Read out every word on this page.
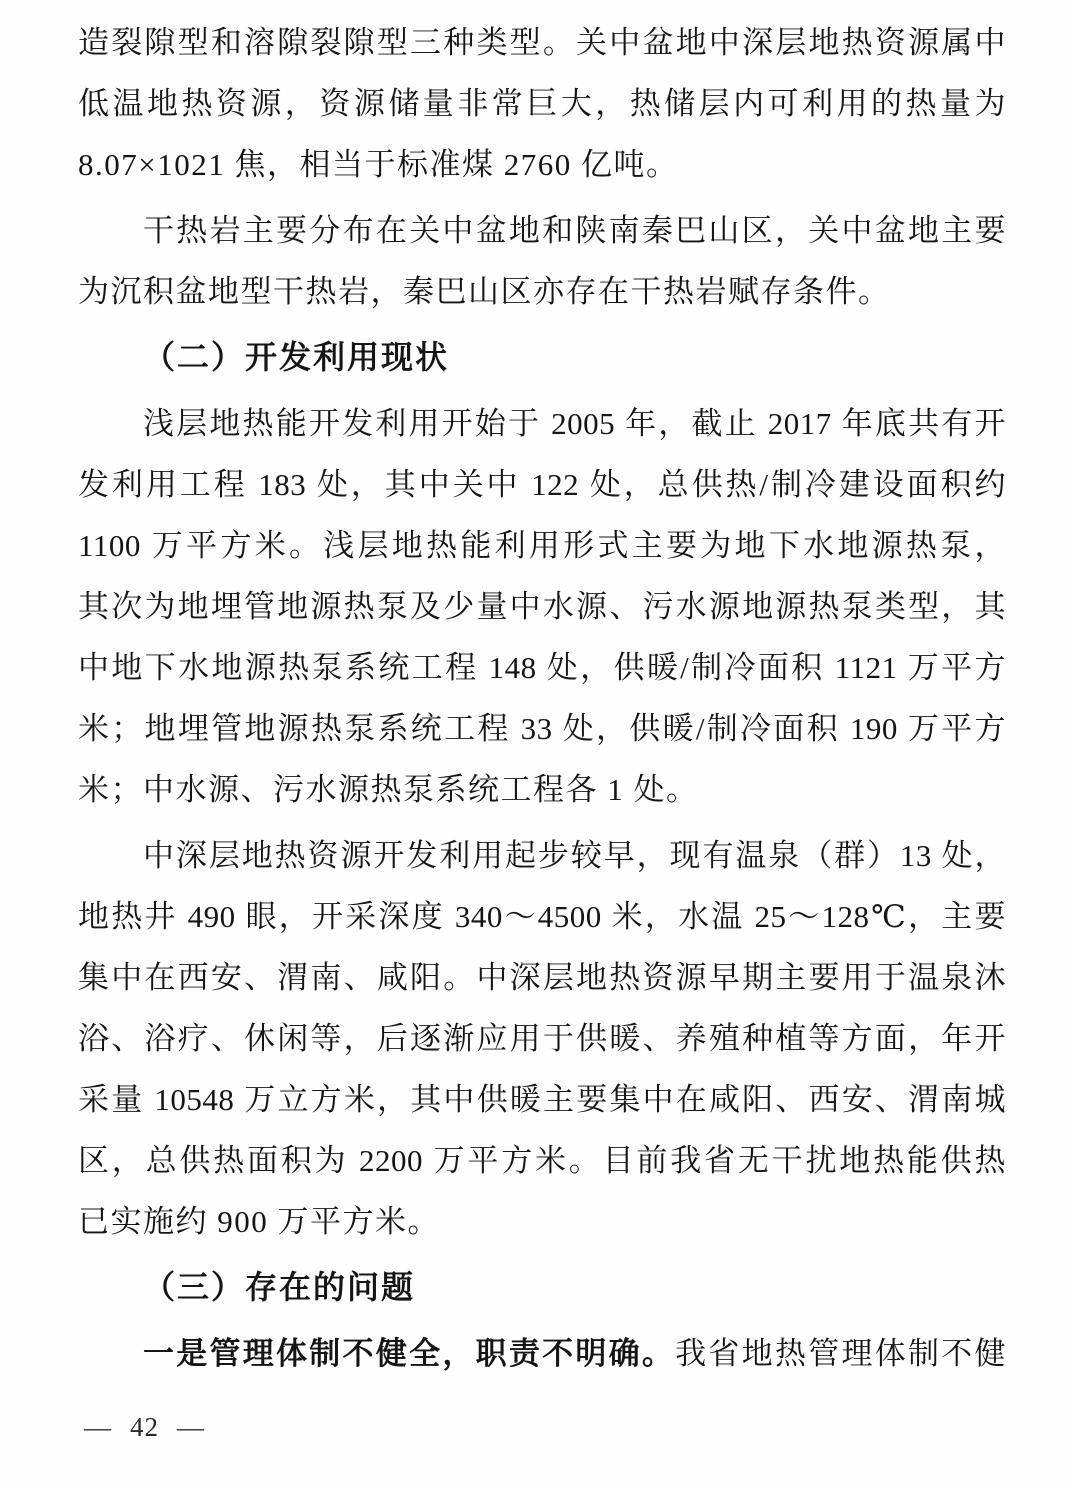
造裂隙型和溶隙裂隙型三种类型。关中盆地中深层地热资源属中
低温地热资源，资源储量非常巨大，热储层内可利用的热量为
8.07×1021 焦，相当于标准煤 2760 亿吨。
干热岩主要分布在关中盆地和陕南秦巴山区，关中盆地主要
为沉积盆地型干热岩，秦巴山区亦存在干热岩赋存条件。
（二）开发利用现状
浅层地热能开发利用开始于 2005 年，截止 2017 年底共有开
发利用工程 183 处，其中关中 122 处，总供热/制冷建设面积约
1100 万平方米。浅层地热能利用形式主要为地下水地源热泵，
其次为地埋管地源热泵及少量中水源、污水源地源热泵类型，其
中地下水地源热泵系统工程 148 处，供暖/制冷面积 1121 万平方
米；地埋管地源热泵系统工程 33 处，供暖/制冷面积 190 万平方
米；中水源、污水源热泵系统工程各 1 处。
中深层地热资源开发利用起步较早，现有温泉（群）13 处，
地热井 490 眼，开采深度 340～4500 米，水温 25～128℃，主要
集中在西安、渭南、咸阳。中深层地热资源早期主要用于温泉沐
浴、浴疗、休闲等，后逐渐应用于供暖、养殖种植等方面，年开
采量 10548 万立方米，其中供暖主要集中在咸阳、西安、渭南城
区，总供热面积为 2200 万平方米。目前我省无干扰地热能供热
已实施约 900 万平方米。
（三）存在的问题
一是管理体制不健全，职责不明确。我省地热管理体制不健
— 42 —
